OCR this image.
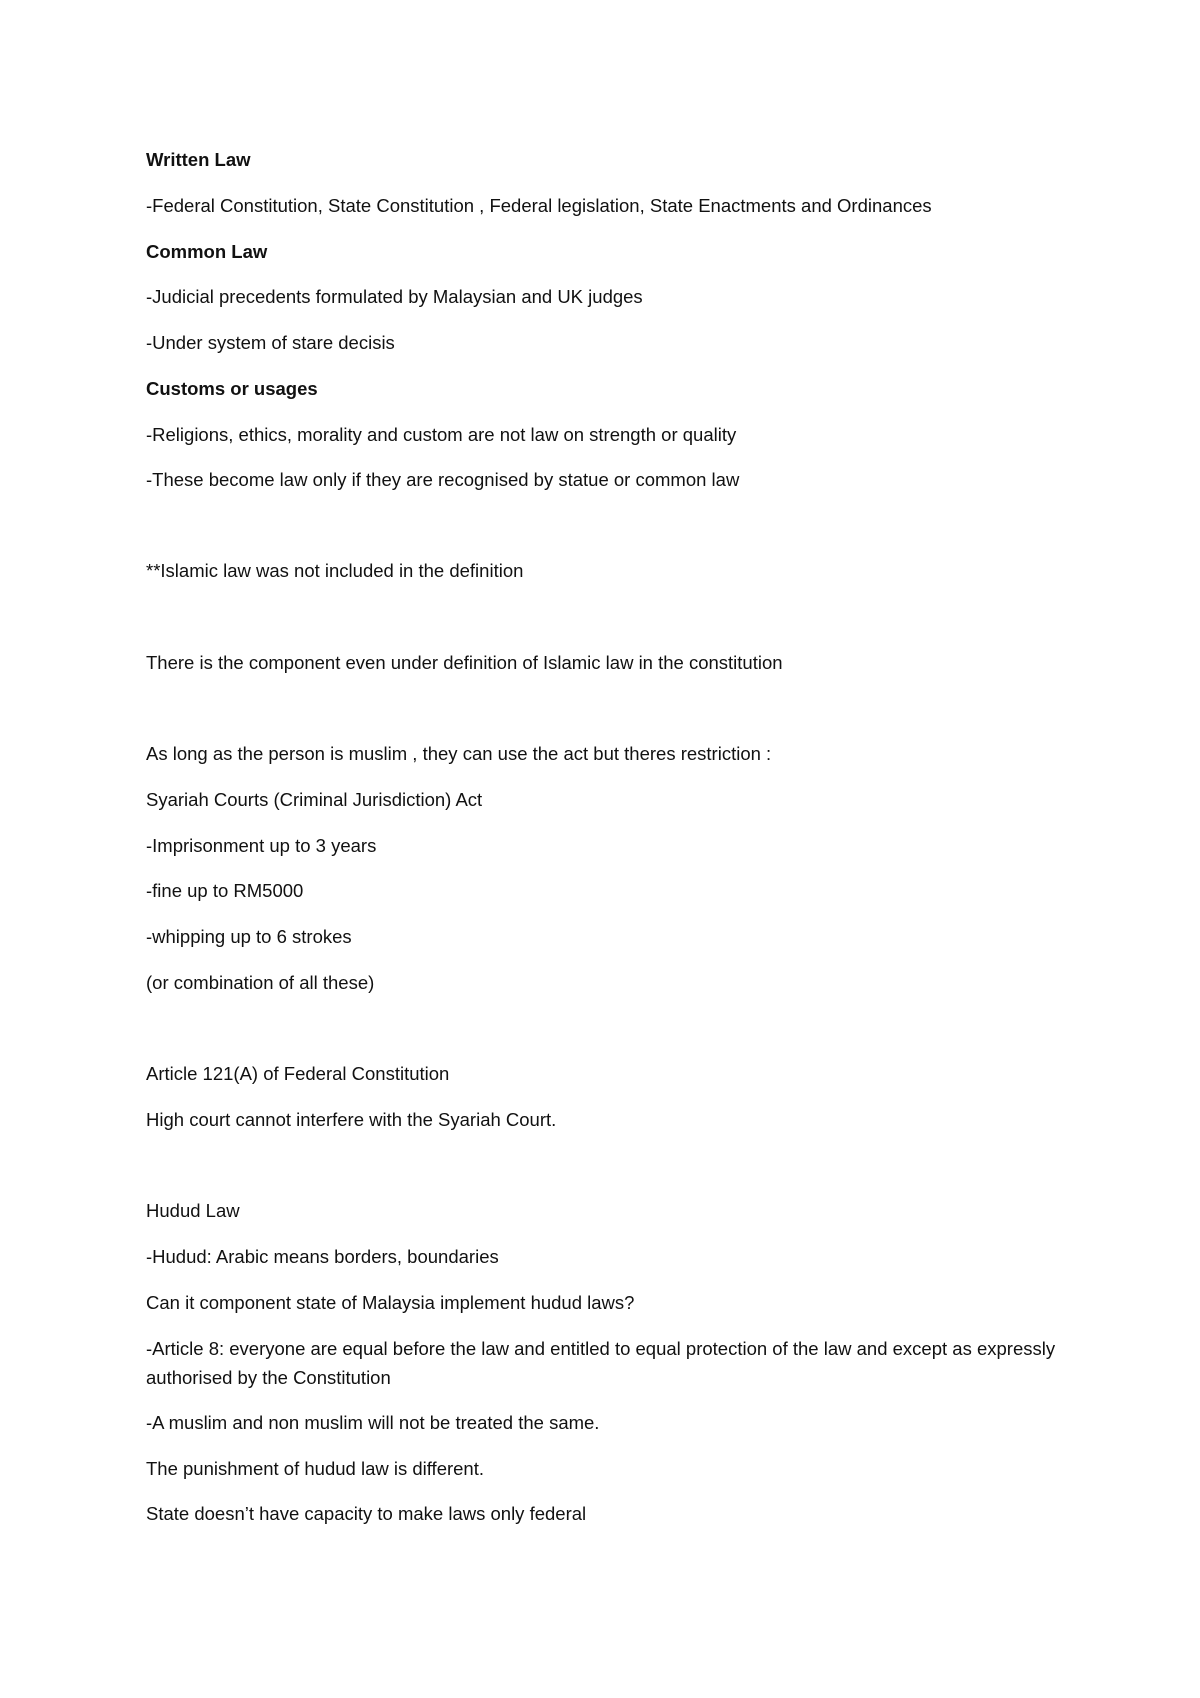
Written Law
-Federal Constitution, State Constitution , Federal legislation, State Enactments and Ordinances
Common Law
-Judicial precedents formulated by Malaysian and UK judges
-Under system of stare decisis
Customs or usages
-Religions, ethics, morality and custom are not law on strength or quality
-These become law only if they are recognised by statue or common law
**Islamic law was not included in the definition
There is the component even under definition of Islamic law in the constitution
As long as the person is muslim , they can use the act but theres restriction :
Syariah Courts (Criminal Jurisdiction) Act
-Imprisonment up to 3 years
-fine up to RM5000
-whipping up to 6 strokes
(or combination of all these)
Article 121(A) of Federal Constitution
High court cannot interfere with the Syariah Court.
Hudud Law
-Hudud: Arabic means borders, boundaries
Can it component state of Malaysia implement hudud laws?
-Article 8: everyone are equal before the law and entitled to equal protection of the law and except as expressly authorised by the Constitution
-A muslim and non muslim will not be treated the same.
The punishment of hudud law is different.
State doesn’t have capacity to make laws only federal
